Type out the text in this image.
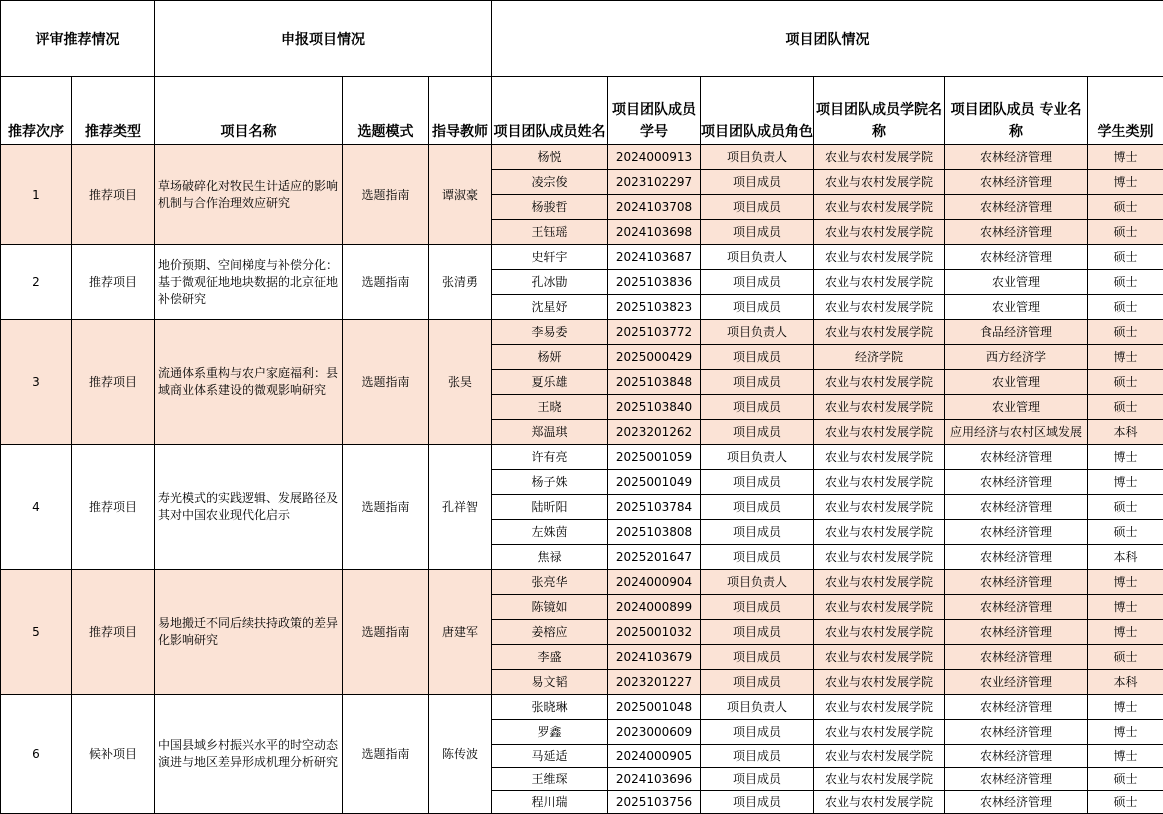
评审推荐情况		申报项目情况			项目团队情况					
推荐次序	推荐类型	项目名称	选题模式	指导教师	项目团队成员姓名	项目团队成员学号	项目团队成员角色	项目团队成员学院名称	项目团队成员 专业名称	学生类别
1	推荐项目	草场破碎化对牧民生计适应的影响机制与合作治理效应研究	选题指南	谭淑豪	杨悦	2024000913	项目负责人	农业与农村发展学院	农林经济管理	博士
					凌宗俊	2023102297	项目成员	农业与农村发展学院	农林经济管理	博士
					杨骏哲	2024103708	项目成员	农业与农村发展学院	农林经济管理	硕士
					王钰瑶	2024103698	项目成员	农业与农村发展学院	农林经济管理	硕士
2	推荐项目	地价预期、空间梯度与补偿分化：基于微观征地地块数据的北京征地补偿研究	选题指南	张清勇	史轩宇	2024103687	项目负责人	农业与农村发展学院	农林经济管理	硕士
					孔冰勖	2025103836	项目成员	农业与农村发展学院	农业管理	硕士
					沈星妤	2025103823	项目成员	农业与农村发展学院	农业管理	硕士
3	推荐项目	流通体系重构与农户家庭福利：县域商业体系建设的微观影响研究	选题指南	张昊	李易委	2025103772	项目负责人	农业与农村发展学院	食品经济管理	硕士
					杨妍	2025000429	项目成员	经济学院	西方经济学	博士
					夏乐雄	2025103848	项目成员	农业与农村发展学院	农业管理	硕士
					王晓	2025103840	项目成员	农业与农村发展学院	农业管理	硕士
					郑温琪	2023201262	项目成员	农业与农村发展学院	应用经济与农村区域发展	本科
4	推荐项目	寿光模式的实践逻辑、发展路径及其对中国农业现代化启示	选题指南	孔祥智	许有亮	2025001059	项目负责人	农业与农村发展学院	农林经济管理	博士
					杨子姝	2025001049	项目成员	农业与农村发展学院	农林经济管理	博士
					陆昕阳	2025103784	项目成员	农业与农村发展学院	农林经济管理	硕士
					左姝茵	2025103808	项目成员	农业与农村发展学院	农林经济管理	硕士
					焦禄	2025201647	项目成员	农业与农村发展学院	农林经济管理	本科
5	推荐项目	易地搬迁不同后续扶持政策的差异化影响研究	选题指南	唐建军	张亮华	2024000904	项目负责人	农业与农村发展学院	农林经济管理	博士
					陈镜如	2024000899	项目成员	农业与农村发展学院	农林经济管理	博士
					姜榕应	2025001032	项目成员	农业与农村发展学院	农林经济管理	博士
					李盛	2024103679	项目成员	农业与农村发展学院	农林经济管理	硕士
					易文韬	2023201227	项目成员	农业与农村发展学院	农业经济管理	本科
6	候补项目	中国县域乡村振兴水平的时空动态演进与地区差异形成机理分析研究	选题指南	陈传波	张晓琳	2025001048	项目负责人	农业与农村发展学院	农林经济管理	博士
					罗鑫	2023000609	项目成员	农业与农村发展学院	农林经济管理	博士
					马延适	2024000905	项目成员	农业与农村发展学院	农林经济管理	博士
					王维琛	2024103696	项目成员	农业与农村发展学院	农林经济管理	硕士
					程川瑞	2025103756	项目成员	农业与农村发展学院	农林经济管理	硕士
